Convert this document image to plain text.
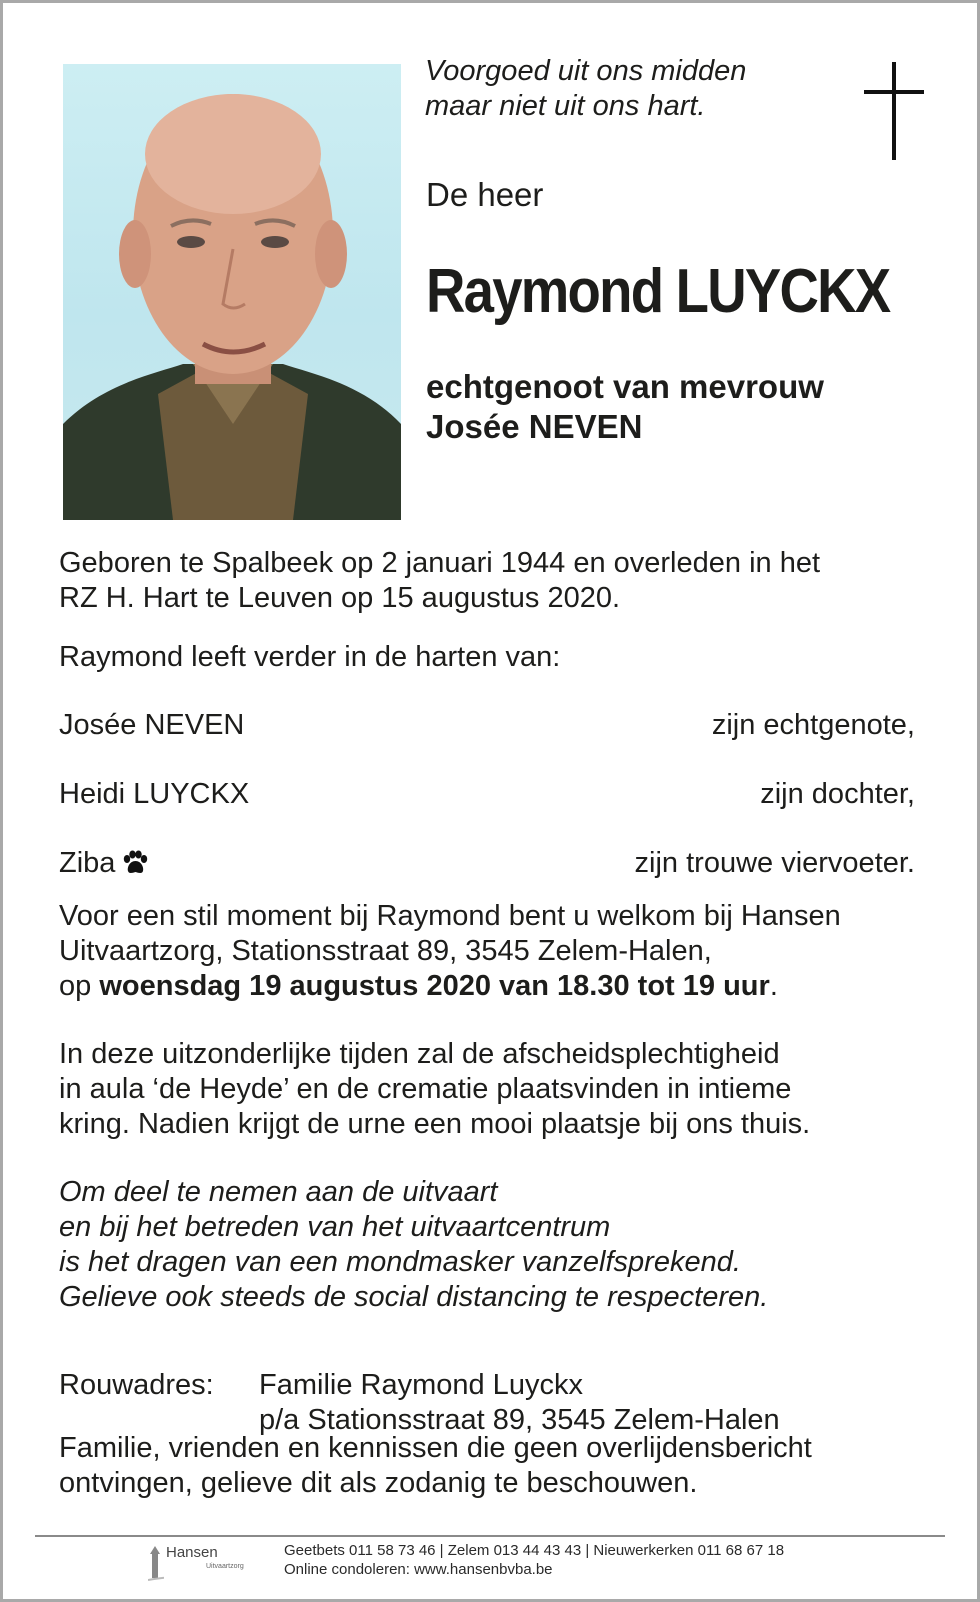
Voorgoed uit ons midden
maar niet uit ons hart.
De heer
Raymond LUYCKX
echtgenoot van mevrouw
Josée NEVEN
Geboren te Spalbeek op 2 januari 1944 en overleden in het
RZ H. Hart te Leuven op 15 augustus 2020.
Raymond leeft verder in de harten van:
Josée NEVEN	zijn echtgenote,
Heidi LUYCKX	zijn dochter,
Ziba	zijn trouwe viervoeter.
Voor een stil moment bij Raymond bent u welkom bij Hansen
Uitvaartzorg, Stationsstraat 89, 3545 Zelem-Halen,
op woensdag 19 augustus 2020 van 18.30 tot 19 uur.
In deze uitzonderlijke tijden zal de afscheidsplechtigheid
in aula ‘de Heyde’ en de crematie plaatsvinden in intieme
kring. Nadien krijgt de urne een mooi plaatsje bij ons thuis.
Om deel te nemen aan de uitvaart
en bij het betreden van het uitvaartcentrum
is het dragen van een mondmasker vanzelfsprekend.
Gelieve ook steeds de social distancing te respecteren.
Rouwadres: Familie Raymond Luyckx
p/a Stationsstraat 89, 3545 Zelem-Halen
Familie, vrienden en kennissen die geen overlijdensbericht
ontvingen, gelieve dit als zodanig te beschouwen.
Hansen
Uitvaartzorg
Geetbets 011 58 73 46 | Zelem 013 44 43 43 | Nieuwerkerken 011 68 67 18
Online condoleren: www.hansenbvba.be
